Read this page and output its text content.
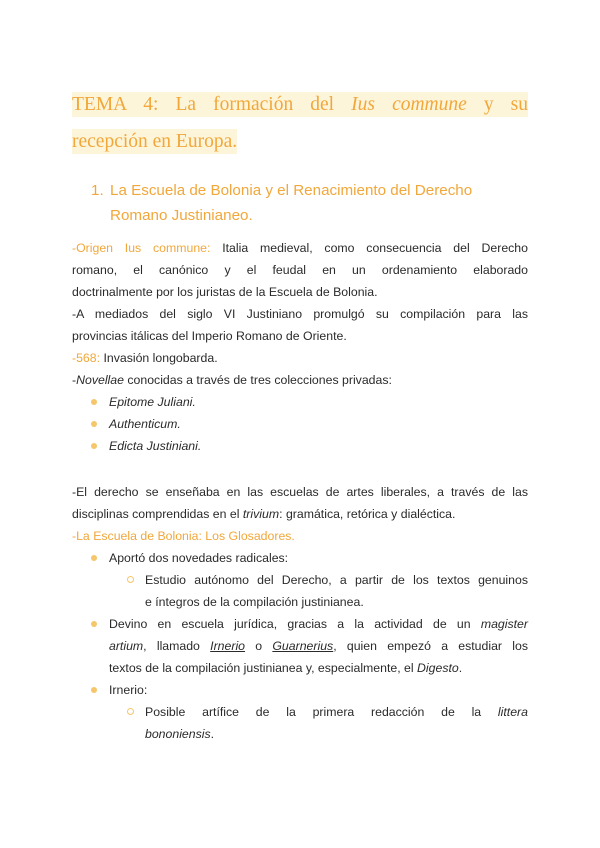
TEMA 4: La formación del Ius commune y su
recepción en Europa.
1. La Escuela de Bolonia y el Renacimiento del Derecho
Romano Justinianeo.
-Origen Ius commune: Italia medieval, como consecuencia del Derecho
romano, el canónico y el feudal en un ordenamiento elaborado
doctrinalmente por los juristas de la Escuela de Bolonia.
-A mediados del siglo VI Justiniano promulgó su compilación para las
provincias itálicas del Imperio Romano de Oriente.
-568: Invasión longobarda.
-Novellae conocidas a través de tres colecciones privadas:
Epitome Juliani.
Authenticum.
Edicta Justiniani.
-El derecho se enseñaba en las escuelas de artes liberales, a través de las
disciplinas comprendidas en el trivium: gramática, retórica y dialéctica.
-La Escuela de Bolonia: Los Glosadores.
Aportó dos novedades radicales:
Estudio autónomo del Derecho, a partir de los textos genuinos
e íntegros de la compilación justinianea.
Devino en escuela jurídica, gracias a la actividad de un magister
artium, llamado Irnerio o Guarnerius, quien empezó a estudiar los
textos de la compilación justinianea y, especialmente, el Digesto.
Irnerio:
Posible artífice de la primera redacción de la littera
bononiensis.
